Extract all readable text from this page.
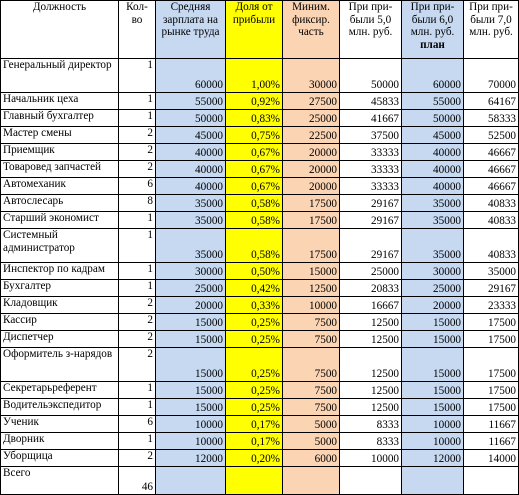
Должность	Кол-во	Средняя зарплата на рынке труда	Доля от прибыли	Миним. фиксир. часть	При при-были 5,0 млн. руб.	При при-были 6,0 млн. руб. план	При при-были 7,0 млн. руб.
Генеральный директор	1	60000	1,00%	30000	50000	60000	70000
Начальник цеха	1	55000	0,92%	27500	45833	55000	64167
Главный бухгалтер	1	50000	0,83%	25000	41667	50000	58333
Мастер смены	2	45000	0,75%	22500	37500	45000	52500
Приемщик	2	40000	0,67%	20000	33333	40000	46667
Товаровед запчастей	2	40000	0,67%	20000	33333	40000	46667
Автомеханик	6	40000	0,67%	20000	33333	40000	46667
Автослесарь	8	35000	0,58%	17500	29167	35000	40833
Старший экономист	1	35000	0,58%	17500	29167	35000	40833
Системный администратор	1	35000	0,58%	17500	29167	35000	40833
Инспектор по кадрам	1	30000	0,50%	15000	25000	30000	35000
Бухгалтер	1	25000	0,42%	12500	20833	25000	29167
Кладовщик	2	20000	0,33%	10000	16667	20000	23333
Кассир	2	15000	0,25%	7500	12500	15000	17500
Диспетчер	2	15000	0,25%	7500	12500	15000	17500
Оформитель з-нарядов	2	15000	0,25%	7500	12500	15000	17500
Секретарьреферент	1	15000	0,25%	7500	12500	15000	17500
Водительэкспедитор	1	15000	0,25%	7500	12500	15000	17500
Ученик	6	10000	0,17%	5000	8333	10000	11667
Дворник	1	10000	0,17%	5000	8333	10000	11667
Уборщица	2	12000	0,20%	6000	10000	12000	14000
Всего	46						
